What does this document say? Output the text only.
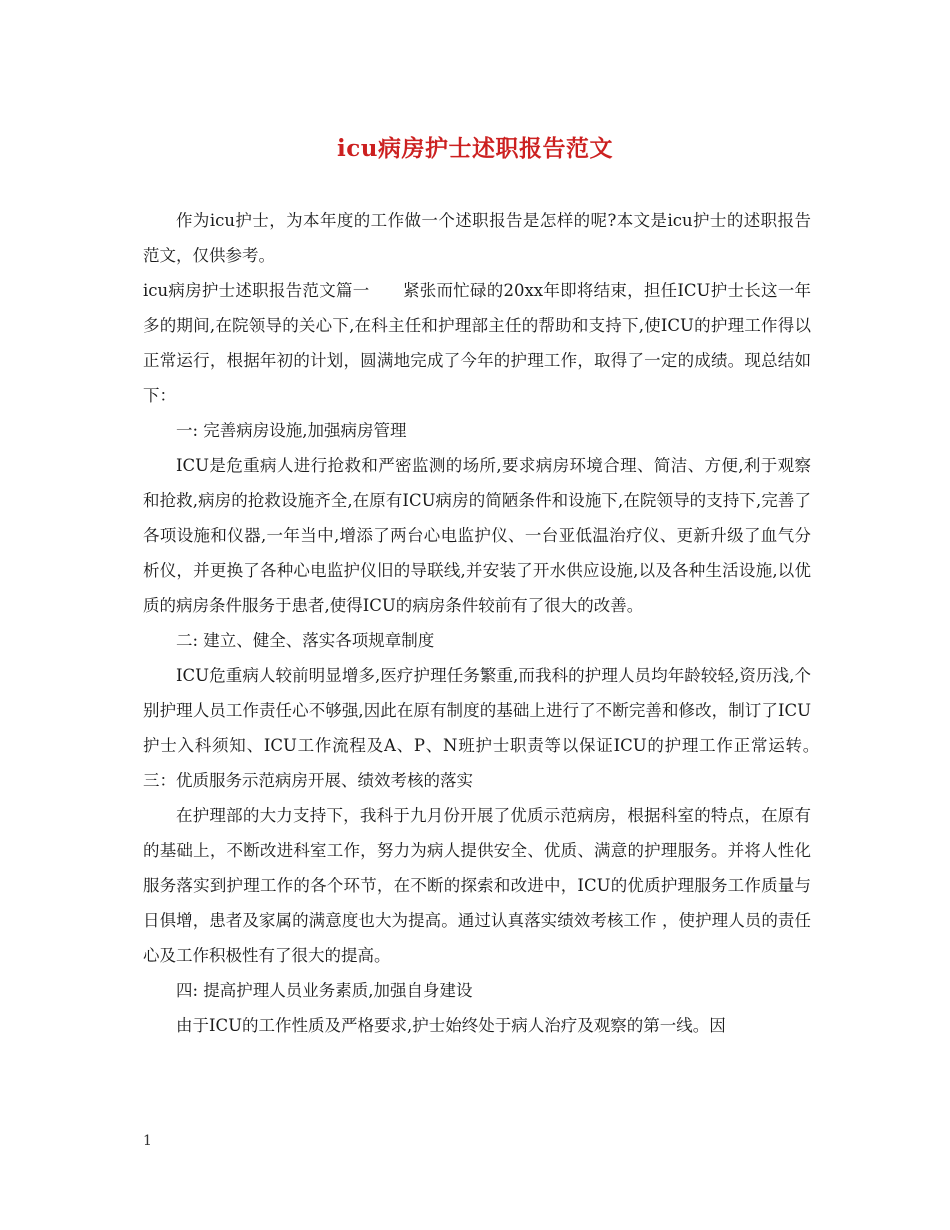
icu病房护士述职报告范文

作为icu护士，为本年度的工作做一个述职报告是怎样的呢?本文是icu护士的述职报告范文，仅供参考。

icu病房护士述职报告范文篇一　　紧张而忙碌的20xx年即将结束，担任ICU护士长这一年多的期间,在院领导的关心下,在科主任和护理部主任的帮助和支持下,使ICU的护理工作得以正常运行，根据年初的计划，圆满地完成了今年的护理工作，取得了一定的成绩。现总结如下：

一: 完善病房设施,加强病房管理

ICU是危重病人进行抢救和严密监测的场所,要求病房环境合理、简洁、方便,利于观察和抢救,病房的抢救设施齐全,在原有ICU病房的简陋条件和设施下,在院领导的支持下,完善了各项设施和仪器,一年当中,增添了两台心电监护仪、一台亚低温治疗仪、更新升级了血气分析仪，并更换了各种心电监护仪旧的导联线,并安装了开水供应设施,以及各种生活设施,以优质的病房条件服务于患者,使得ICU的病房条件较前有了很大的改善。

二: 建立、健全、落实各项规章制度

ICU危重病人较前明显增多,医疗护理任务繁重,而我科的护理人员均年龄较轻,资历浅,个别护理人员工作责任心不够强,因此在原有制度的基础上进行了不断完善和修改，制订了ICU护士入科须知、ICU工作流程及A、P、N班护士职责等以保证ICU的护理工作正常运转。　三：优质服务示范病房开展、绩效考核的落实

在护理部的大力支持下，我科于九月份开展了优质示范病房，根据科室的特点，在原有的基础上，不断改进科室工作，努力为病人提供安全、优质、满意的护理服务。并将人性化服务落实到护理工作的各个环节，在不断的探索和改进中，ICU的优质护理服务工作质量与日俱增，患者及家属的满意度也大为提高。通过认真落实绩效考核工作 ，使护理人员的责任心及工作积极性有了很大的提高。

四: 提高护理人员业务素质,加强自身建设

由于ICU的工作性质及严格要求,护士始终处于病人治疗及观察的第一线。因

1
